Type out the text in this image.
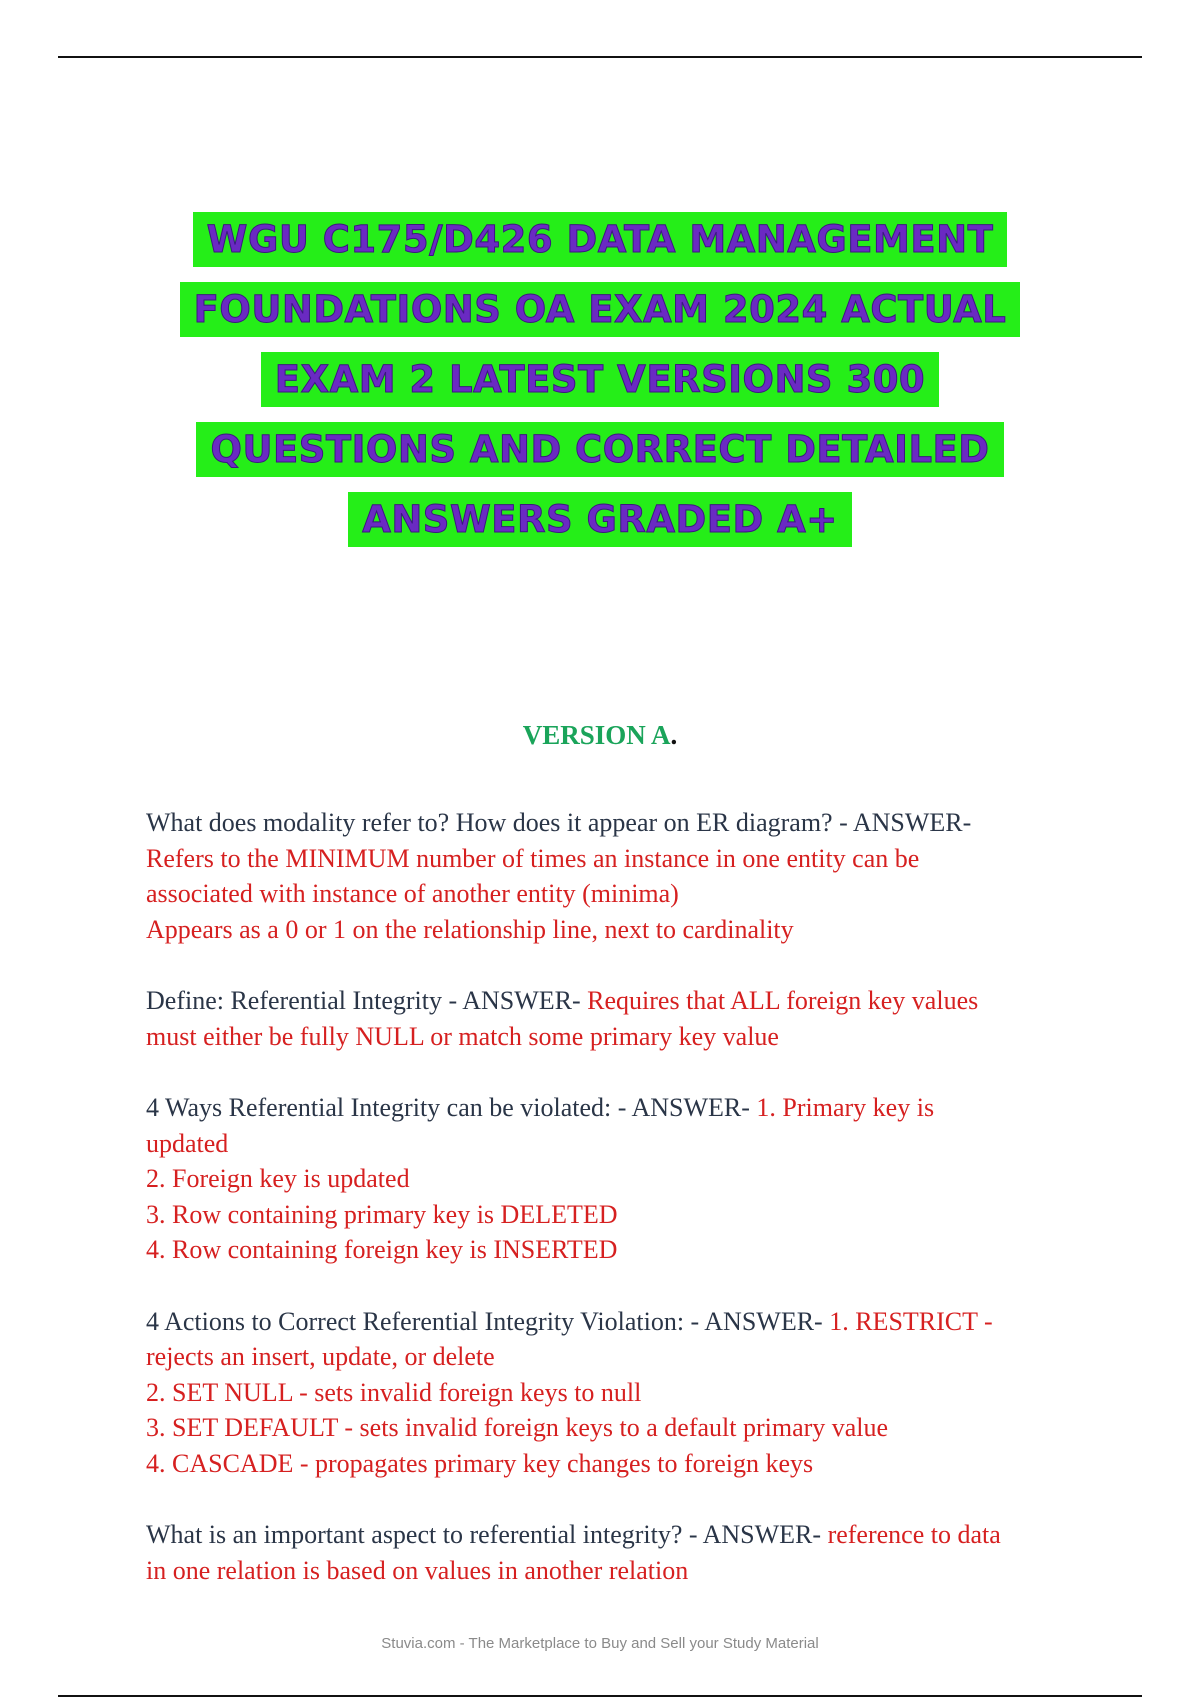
WGU C175/D426 DATA MANAGEMENT
FOUNDATIONS OA EXAM 2024 ACTUAL
EXAM 2 LATEST VERSIONS 300
QUESTIONS AND CORRECT DETAILED
ANSWERS GRADED A+
VERSION A.
What does modality refer to? How does it appear on ER diagram? - ANSWER-
Refers to the MINIMUM number of times an instance in one entity can be
associated with instance of another entity (minima)
Appears as a 0 or 1 on the relationship line, next to cardinality
Define: Referential Integrity - ANSWER- Requires that ALL foreign key values
must either be fully NULL or match some primary key value
4 Ways Referential Integrity can be violated: - ANSWER- 1. Primary key is
updated
2. Foreign key is updated
3. Row containing primary key is DELETED
4. Row containing foreign key is INSERTED
4 Actions to Correct Referential Integrity Violation: - ANSWER- 1. RESTRICT -
rejects an insert, update, or delete
2. SET NULL - sets invalid foreign keys to null
3. SET DEFAULT - sets invalid foreign keys to a default primary value
4. CASCADE - propagates primary key changes to foreign keys
What is an important aspect to referential integrity? - ANSWER- reference to data
in one relation is based on values in another relation
Stuvia.com - The Marketplace to Buy and Sell your Study Material
